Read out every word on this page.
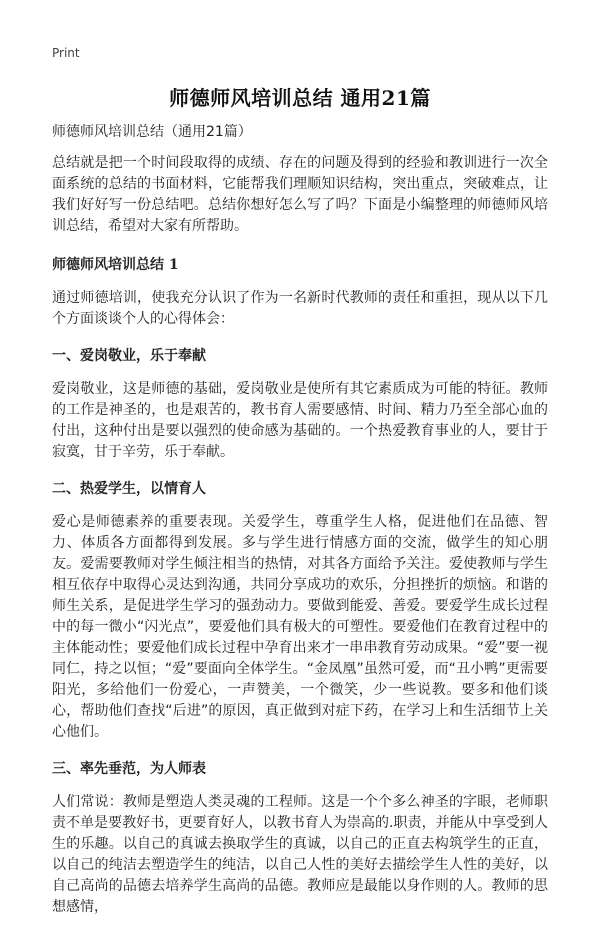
Print
师德师风培训总结 通用21篇

师德师风培训总结（通用21篇）

总结就是把一个时间段取得的成绩、存在的问题及得到的经验和教训进行一次全面系统的总结的书面材料，它能帮我们理顺知识结构，突出重点，突破难点，让我们好好写一份总结吧。总结你想好怎么写了吗？下面是小编整理的师德师风培训总结，希望对大家有所帮助。

师德师风培训总结 1

通过师德培训，使我充分认识了作为一名新时代教师的责任和重担，现从以下几个方面谈谈个人的心得体会：

一、爱岗敬业，乐于奉献

爱岗敬业，这是师德的基础，爱岗敬业是使所有其它素质成为可能的特征。教师的工作是神圣的，也是艰苦的，教书育人需要感情、时间、精力乃至全部心血的付出，这种付出是要以强烈的使命感为基础的。一个热爱教育事业的人，要甘于寂寞，甘于辛劳，乐于奉献。

二、热爱学生，以情育人

爱心是师德素养的重要表现。关爱学生，尊重学生人格，促进他们在品德、智力、体质各方面都得到发展。多与学生进行情感方面的交流，做学生的知心朋友。爱需要教师对学生倾注相当的热情，对其各方面给予关注。爱使教师与学生相互依存中取得心灵达到沟通，共同分享成功的欢乐，分担挫折的烦恼。和谐的师生关系，是促进学生学习的强劲动力。要做到能爱、善爱。要爱学生成长过程中的每一微小“闪光点”，要爱他们具有极大的可塑性。要爱他们在教育过程中的主体能动性；要爱他们成长过程中孕育出来才一串串教育劳动成果。“爱”要一视同仁，持之以恒；“爱”要面向全体学生。“金凤凰”虽然可爱，而“丑小鸭”更需要阳光，多给他们一份爱心，一声赞美，一个微笑，少一些说教。要多和他们谈心，帮助他们查找“后进”的原因，真正做到对症下药，在学习上和生活细节上关心他们。

三、率先垂范，为人师表

人们常说：教师是塑造人类灵魂的工程师。这是一个个多么神圣的字眼，老师职责不单是要教好书，更要育好人，以教书育人为崇高的.职责，并能从中享受到人生的乐趣。以自己的真诚去换取学生的真诚，以自己的正直去构筑学生的正直，以自己的纯洁去塑造学生的纯洁，以自己人性的美好去描绘学生人性的美好，以自己高尚的品德去培养学生高尚的品德。教师应是最能以身作则的人。教师的思想感情，
